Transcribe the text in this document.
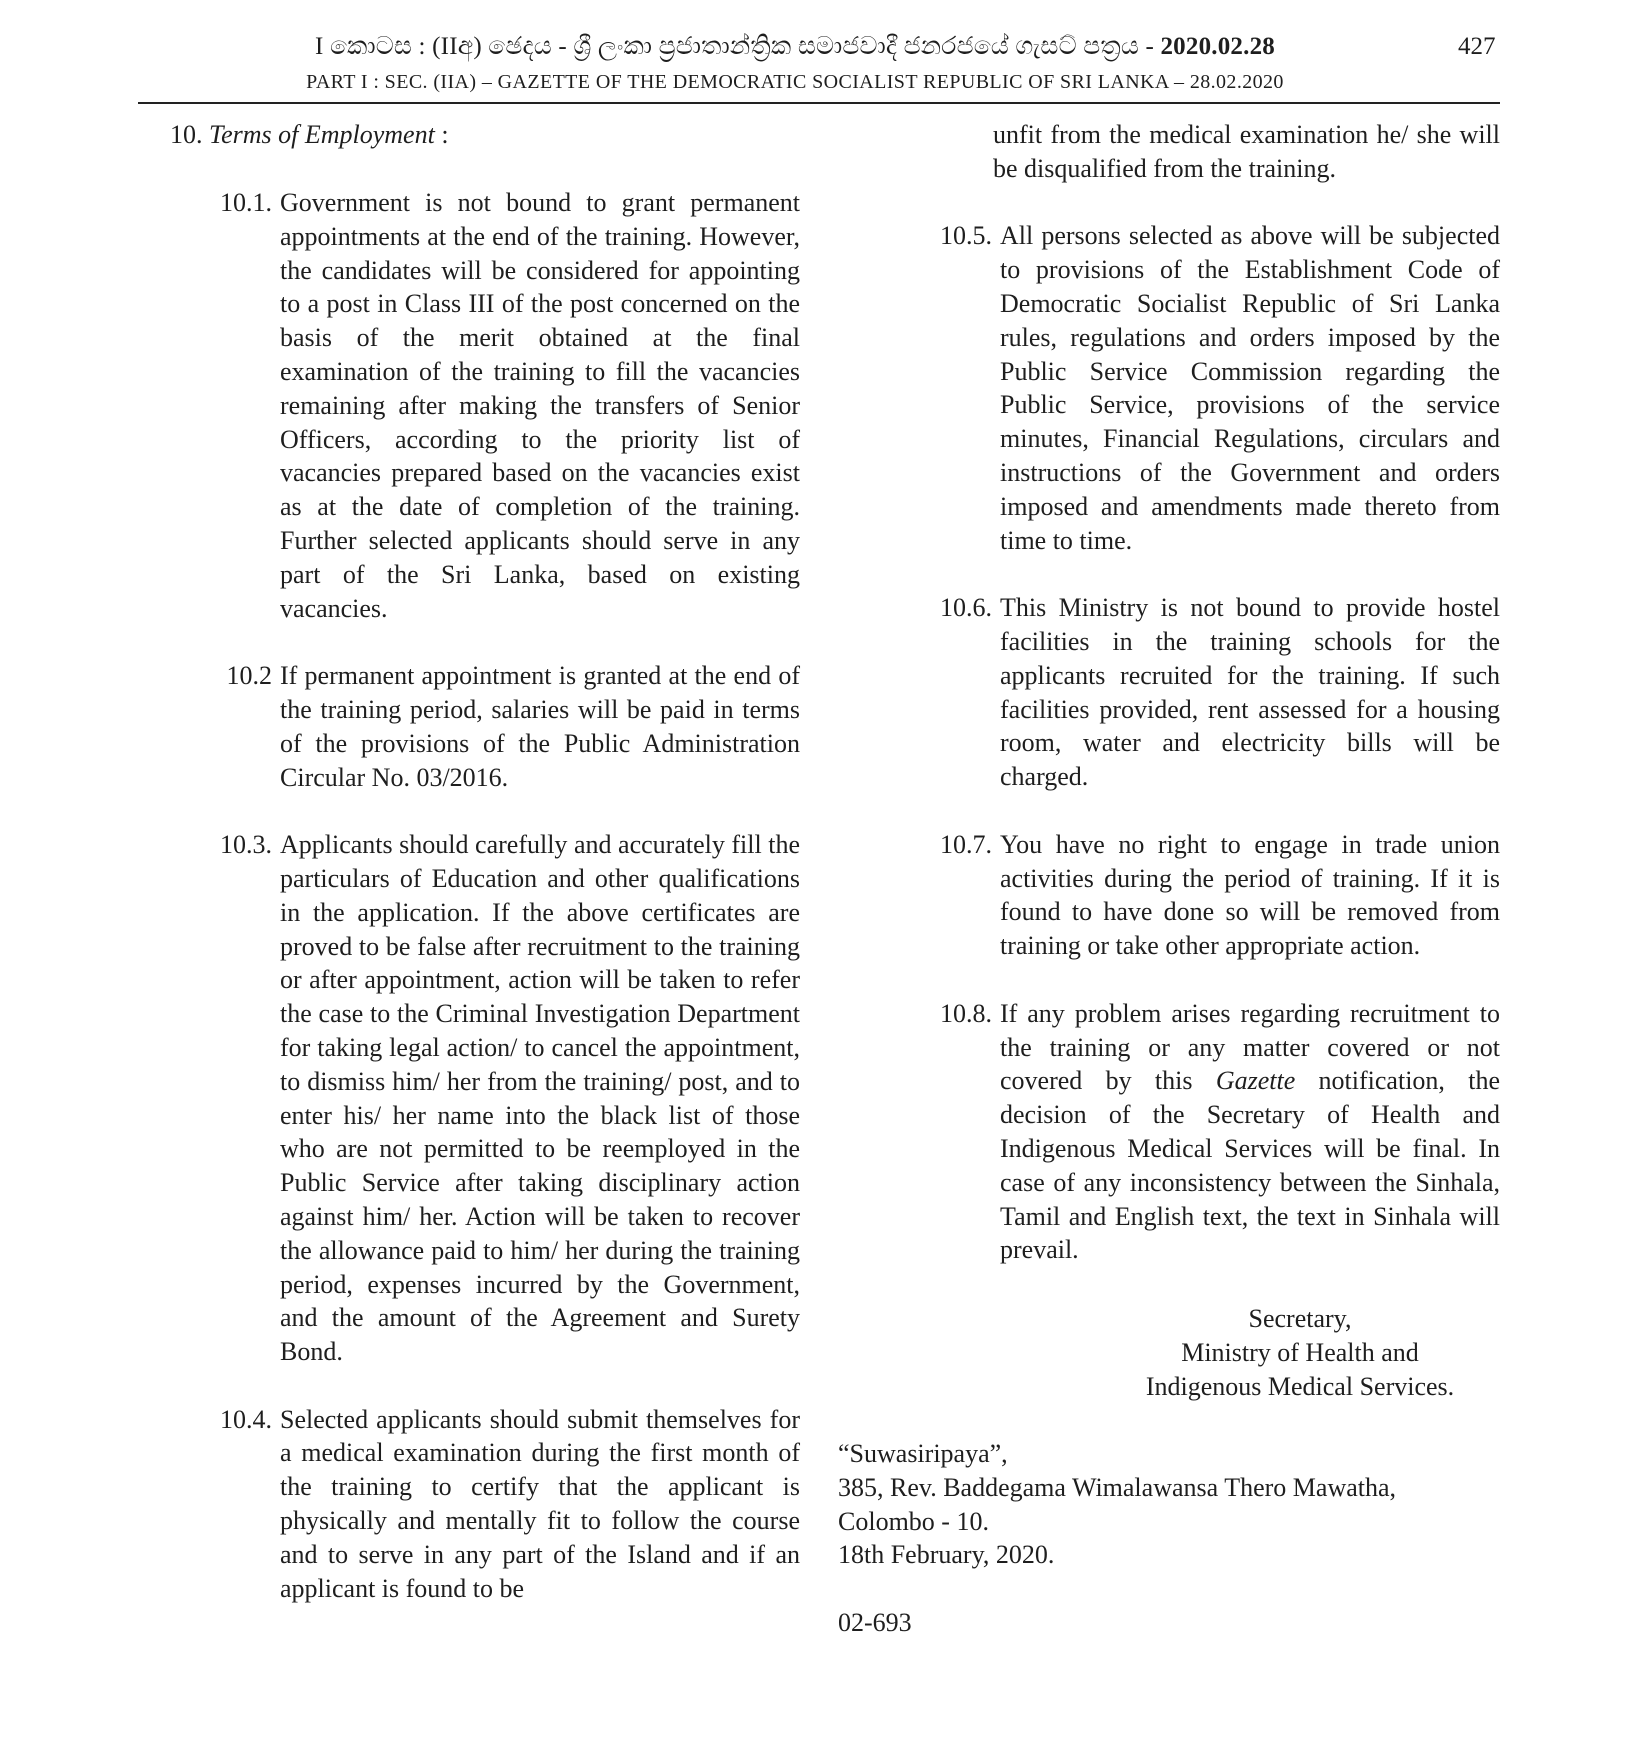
I කොටස : (IIඅ) ඡෙදය - ශ්‍රී ලංකා ප්‍රජාතාන්ත්‍රික සමාජවාදී ජනරජයේ ගැසට් පත්‍රය - 2020.02.28	427
PART I : SEC. (IIA) – GAZETTE OF THE DEMOCRATIC SOCIALIST REPUBLIC OF SRI LANKA – 28.02.2020
10. Terms of Employment :
10.1. Government is not bound to grant permanent appointments at the end of the training. However, the candidates will be considered for appointing to a post in Class III of the post concerned on the basis of the merit obtained at the final examination of the training to fill the vacancies remaining after making the transfers of Senior Officers, according to the priority list of vacancies prepared based on the vacancies exist as at the date of completion of the training. Further selected applicants should serve in any part of the Sri Lanka, based on existing vacancies.
10.2 If permanent appointment is granted at the end of the training period, salaries will be paid in terms of the provisions of the Public Administration Circular No. 03/2016.
10.3. Applicants should carefully and accurately fill the particulars of Education and other qualifications in the application. If the above certificates are proved to be false after recruitment to the training or after appointment, action will be taken to refer the case to the Criminal Investigation Department for taking legal action/ to cancel the appointment, to dismiss him/ her from the training/ post, and to enter his/ her name into the black list of those who are not permitted to be reemployed in the Public Service after taking disciplinary action against him/ her. Action will be taken to recover the allowance paid to him/ her during the training period, expenses incurred by the Government, and the amount of the Agreement and Surety Bond.
10.4. Selected applicants should submit themselves for a medical examination during the first month of the training to certify that the applicant is physically and mentally fit to follow the course and to serve in any part of the Island and if an applicant is found to be
unfit from the medical examination he/ she will be disqualified from the training.
10.5. All persons selected as above will be subjected to provisions of the Establishment Code of Democratic Socialist Republic of Sri Lanka rules, regulations and orders imposed by the Public Service Commission regarding the Public Service, provisions of the service minutes, Financial Regulations, circulars and instructions of the Government and orders imposed and amendments made thereto from time to time.
10.6. This Ministry is not bound to provide hostel facilities in the training schools for the applicants recruited for the training. If such facilities provided, rent assessed for a housing room, water and electricity bills will be charged.
10.7. You have no right to engage in trade union activities during the period of training. If it is found to have done so will be removed from training or take other appropriate action.
10.8. If any problem arises regarding recruitment to the training or any matter covered or not covered by this Gazette notification, the decision of the Secretary of Health and Indigenous Medical Services will be final. In case of any inconsistency between the Sinhala, Tamil and English text, the text in Sinhala will prevail.
Secretary,
Ministry of Health and
Indigenous Medical Services.
“Suwasiripaya”,
385, Rev. Baddegama Wimalawansa Thero Mawatha,
Colombo - 10.
18th February, 2020.
02-693
